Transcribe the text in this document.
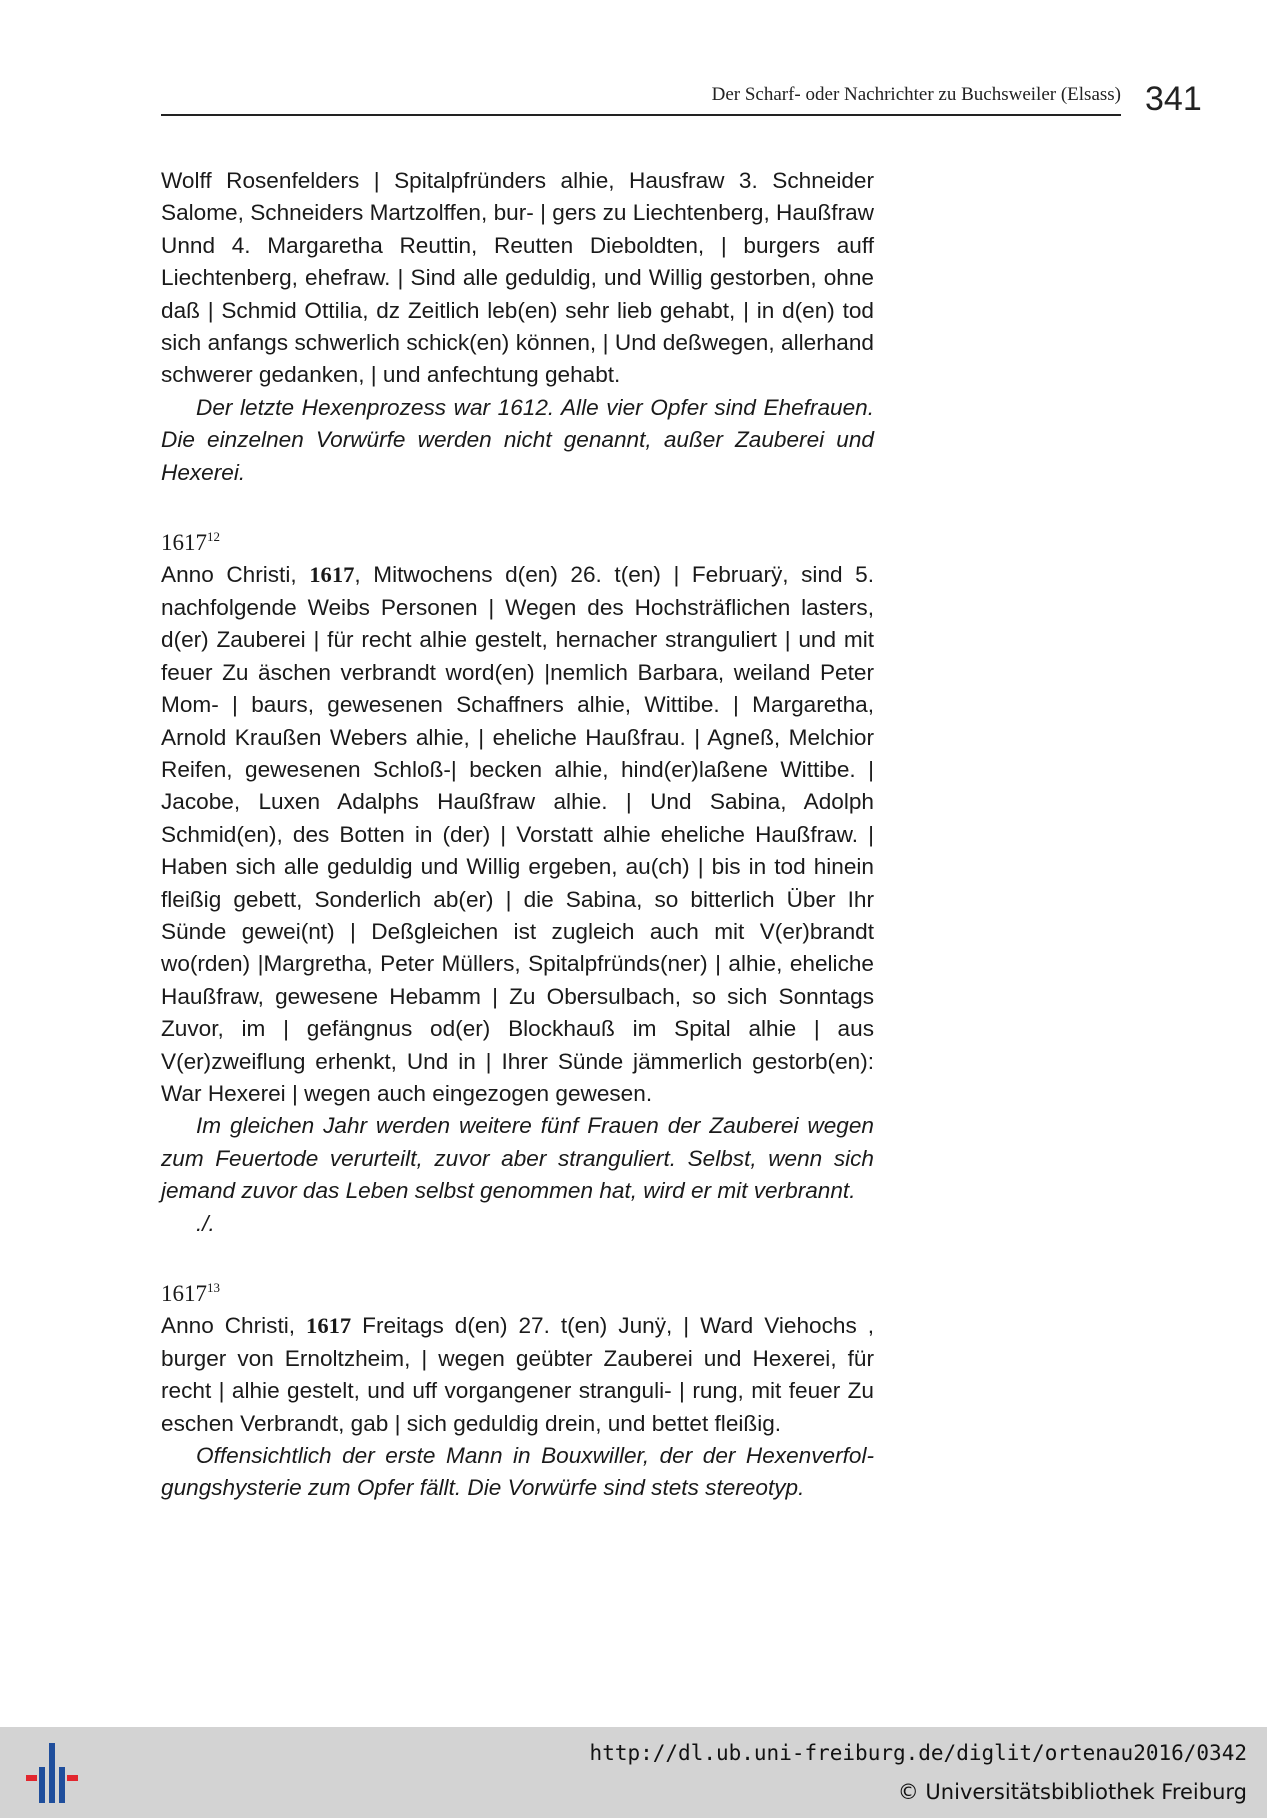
Der Scharf- oder Nachrichter zu Buchsweiler (Elsass) 341

Wolff Rosenfelders | Spitalpfründers alhie, Hausfraw 3. Schneider Salome, Schneiders Martzolffen, bur- | gers zu Liechtenberg, Haußfraw Unnd 4. Margaretha Reuttin, Reutten Dieboldten, | burgers auff Liechtenberg, ehefraw. | Sind alle geduldig, und Willig gestorben, ohne daß | Schmid Ottilia, dz Zeitlich leb(en) sehr lieb gehabt, | in d(en) tod sich anfangs schwerlich schick(en) können, | Und deßwegen, allerhand schwerer gedanken, | und anfechtung gehabt.

Der letzte Hexenprozess war 1612. Alle vier Opfer sind Ehefrauen. Die einzelnen Vorwürfe werden nicht genannt, außer Zauberei und Hexerei.

1617$^{12}$

Anno Christi, 1617, Mitwochens d(en) 26. t(en) | Februarÿ, sind 5. nachfolgende Weibs Personen | Wegen des Hochsträflichen lasters, d(er) Zauberei | für recht alhie gestelt, hernacher stranguliert | und mit feuer Zu äschen verbrandt word(en) |nemlich Barbara, weiland Peter Mom- | baurs, gewesenen Schaffners alhie, Wittibe. | Margaretha, Arnold Kraußen Webers alhie, | eheliche Haußfrau. | Agneß, Melchior Reifen, gewesenen Schloß-| becken alhie, hind(er)laßene Wittibe. | Jacobe, Luxen Adalphs Haußfraw alhie. | Und Sabina, Adolph Schmid(en), des Botten in (der) | Vorstatt alhie eheliche Haußfraw. | Haben sich alle geduldig und Willig ergeben, au(ch) | bis in tod hinein fleißig gebett, Sonderlich ab(er) | die Sabina, so bitterlich Über Ihr Sünde gewei(nt) | Deßgleichen ist zugleich auch mit V(er)brandt wo(rden) |Margretha, Peter Müllers, Spitalpfründs(ner) | alhie, eheliche Haußfraw, gewesene Hebamm | Zu Obersulbach, so sich Sonntags Zuvor, im | gefängnus od(er) Blockhauß im Spital alhie | aus V(er)zweiflung erhenkt, Und in | Ihrer Sünde jämmerlich gestorb(en): War Hexerei | wegen auch eingezogen gewesen.

Im gleichen Jahr werden weitere fünf Frauen der Zauberei wegen zum Feuertode verurteilt, zuvor aber stranguliert. Selbst, wenn sich jemand zuvor das Leben selbst genommen hat, wird er mit verbrannt.

./.

1617$^{13}$

Anno Christi, 1617 Freitags d(en) 27. t(en) Junÿ, | Ward Viehochs , burger von Ernoltzheim, | wegen geübter Zauberei und Hexerei, für recht | alhie gestelt, und uff vorgangener stranguli- | rung, mit feuer Zu eschen Verbrandt, gab | sich geduldig drein, und bettet fleißig.

Offensichtlich der erste Mann in Bouxwiller, der der Hexenverfolgungshysterie zum Opfer fällt. Die Vorwürfe sind stets stereotyp.

http://dl.ub.uni-freiburg.de/diglit/ortenau2016/0342
© Universitätsbibliothek Freiburg
